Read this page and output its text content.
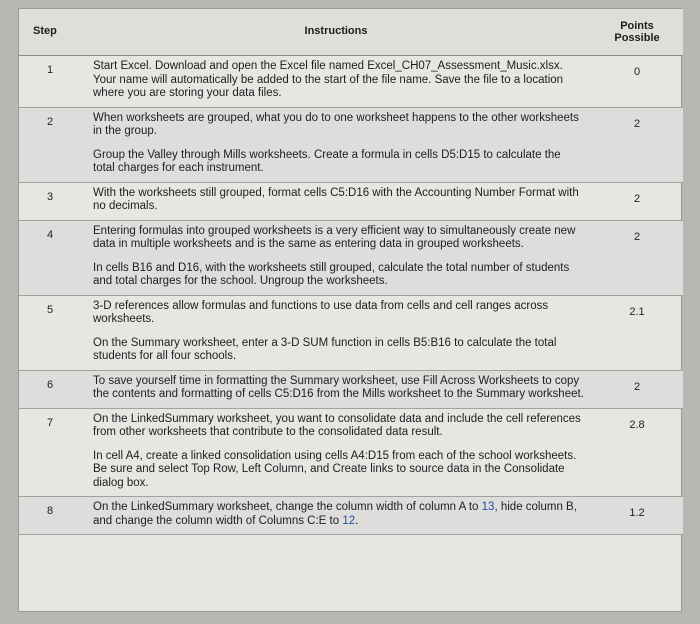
Step	Instructions	Points
Possible
1	Start Excel. Download and open the Excel file named Excel_CH07_Assessment_Music.xlsx. Your name will automatically be added to the start of the file name. Save the file to a location where you are storing your data files.	0
2	When worksheets are grouped, what you do to one worksheet happens to the other worksheets in the group.

Group the Valley through Mills worksheets. Create a formula in cells D5:D15 to calculate the total charges for each instrument.	2
3	With the worksheets still grouped, format cells C5:D16 with the Accounting Number Format with no decimals.	2
4	Entering formulas into grouped worksheets is a very efficient way to simultaneously create new data in multiple worksheets and is the same as entering data in grouped worksheets.

In cells B16 and D16, with the worksheets still grouped, calculate the total number of students and total charges for the school. Ungroup the worksheets.	2
5	3-D references allow formulas and functions to use data from cells and cell ranges across worksheets.

On the Summary worksheet, enter a 3-D SUM function in cells B5:B16 to calculate the total students for all four schools.	2.1
6	To save yourself time in formatting the Summary worksheet, use Fill Across Worksheets to copy the contents and formatting of cells C5:D16 from the Mills worksheet to the Summary worksheet.	2
7	On the LinkedSummary worksheet, you want to consolidate data and include the cell references from other worksheets that contribute to the consolidated data result.

In cell A4, create a linked consolidation using cells A4:D15 from each of the school worksheets. Be sure and select Top Row, Left Column, and Create links to source data in the Consolidate dialog box.	2.8
8	On the LinkedSummary worksheet, change the column width of column A to 13, hide column B, and change the column width of Columns C:E to 12.	1.2
